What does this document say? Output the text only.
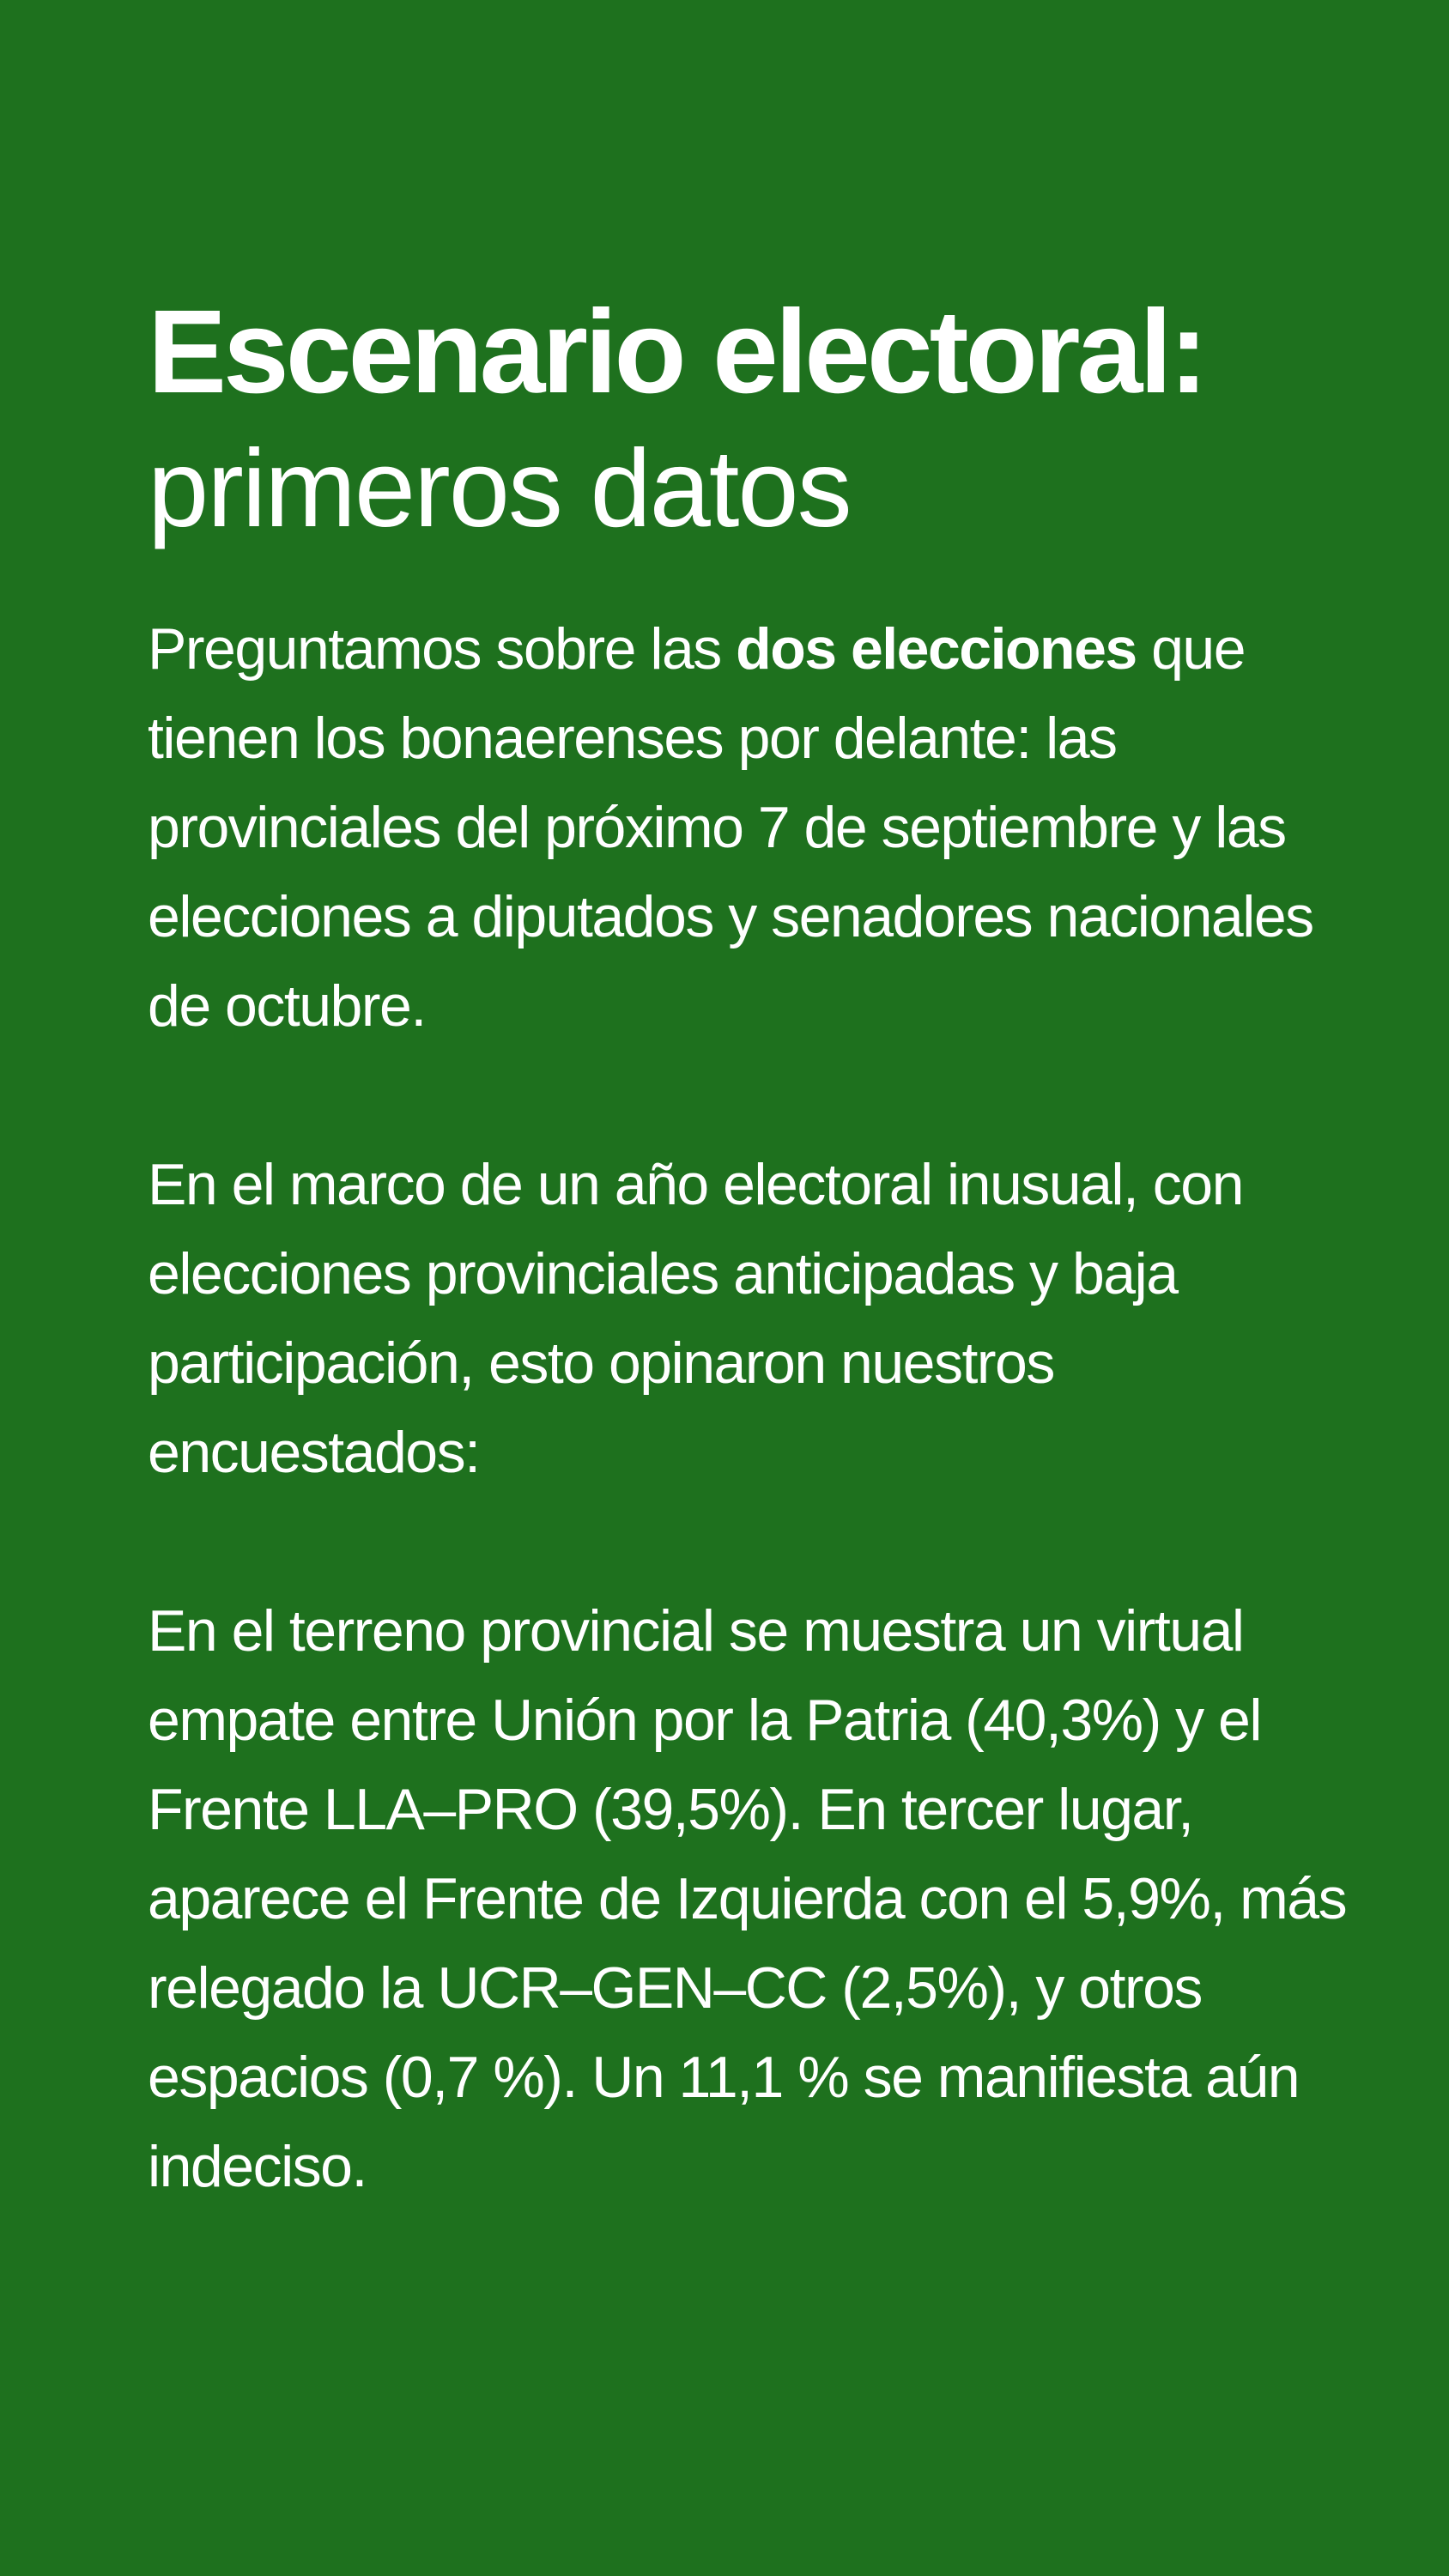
Escenario electoral:
primeros datos

Preguntamos sobre las dos elecciones que tienen los bonaerenses por delante: las provinciales del próximo 7 de septiembre y las elecciones a diputados y senadores nacionales de octubre.

En el marco de un año electoral inusual, con elecciones provinciales anticipadas y baja participación, esto opinaron nuestros encuestados:

En el terreno provincial se muestra un virtual empate entre Unión por la Patria (40,3%) y el Frente LLA–PRO (39,5%). En tercer lugar, aparece el Frente de Izquierda con el 5,9%, más relegado la UCR–GEN–CC (2,5%), y otros espacios (0,7 %). Un 11,1 % se manifiesta aún indeciso.
